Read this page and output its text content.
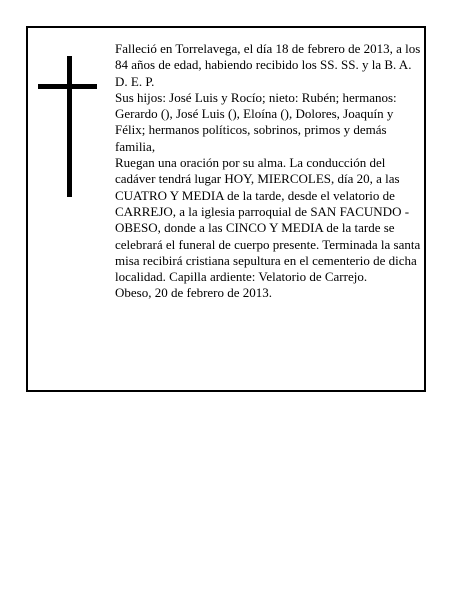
Falleció en Torrelavega, el día 18 de febrero de 2013, a los 84 años de edad, habiendo recibido los SS. SS. y la B. A.

D. E. P.

Sus hijos: José Luis y Rocío; nieto: Rubén; hermanos: Gerardo (), José Luis (), Eloína (), Dolores, Joaquín y Félix; hermanos políticos, sobrinos, primos y demás familia,

Ruegan una oración por su alma. La conducción del cadáver tendrá lugar HOY, MIERCOLES, día 20, a las CUATRO Y MEDIA de la tarde, desde el velatorio de CARREJO, a la iglesia parroquial de SAN FACUNDO - OBESO, donde a las CINCO Y MEDIA de la tarde se celebrará el funeral de cuerpo presente. Terminada la santa misa recibirá cristiana sepultura en el cementerio de dicha localidad. Capilla ardiente: Velatorio de Carrejo.

Obeso, 20 de febrero de 2013.
